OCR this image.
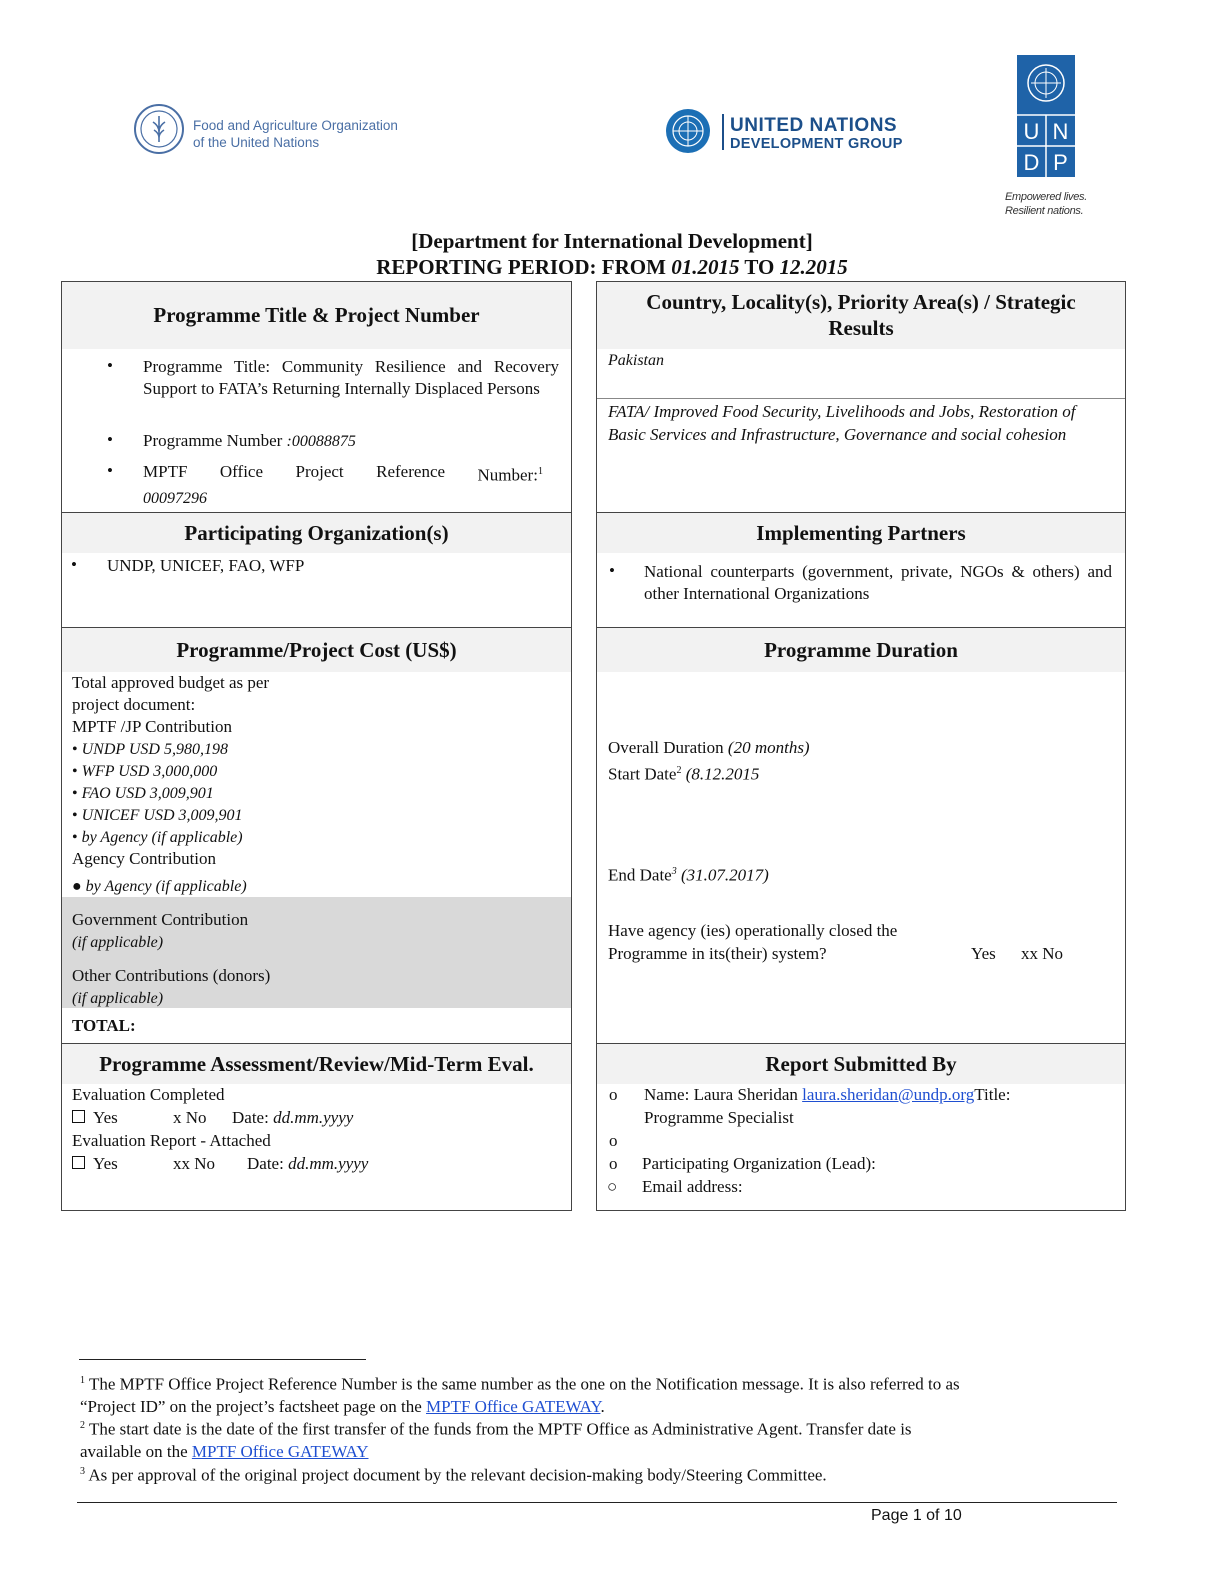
Food and Agriculture Organization
of the United Nations
UNITED NATIONS
DEVELOPMENT GROUP	U N
D P
Empowered lives.
Resilient nations.
[Department for International Development]
REPORTING PERIOD: FROM 01.2015 TO 12.2015
Programme Title & Project Number
• Programme Title: Community Resilience and Recovery Support to FATA’s Returning Internally Displaced Persons
• Programme Number :00088875
• MPTF Office Project Reference Number:$^1$
00097296
Country, Locality(s), Priority Area(s) / Strategic
Results
Pakistan
FATA/ Improved Food Security, Livelihoods and Jobs, Restoration of Basic Services and Infrastructure, Governance and social cohesion
Participating Organization(s)
• UNDP, UNICEF, FAO, WFP
Implementing Partners
• National counterparts (government, private, NGOs & others) and other International Organizations
Programme/Project Cost (US$)
Total approved budget as per
project document:
MPTF /JP Contribution
• UNDP USD 5,980,198
• WFP USD 3,000,000
• FAO USD 3,009,901
• UNICEF USD 3,009,901
• by Agency (if applicable)
Agency Contribution
● by Agency (if applicable)
Government Contribution
(if applicable)
Other Contributions (donors)
(if applicable)
TOTAL:
Programme Duration
Overall Duration (20 months)
Start Date$^2$ (8.12.2015
End Date$^3$ (31.07.2017)
Have agency (ies) operationally closed the
Programme in its(their) system?	Yes xx No
Programme Assessment/Review/Mid-Term Eval.
Evaluation Completed
Yes	x No Date: dd.mm.yyyy
Evaluation Report - Attached
Yes	xx No Date: dd.mm.yyyy
Report Submitted By
o Name: Laura Sheridan laura.sheridan@undp.orgTitle:
Programme Specialist
o
o Participating Organization (Lead):
○ Email address:
$^1$ The MPTF Office Project Reference Number is the same number as the one on the Notification message. It is also referred to as
“Project ID” on the project’s factsheet page on the MPTF Office GATEWAY.
$^2$ The start date is the date of the first transfer of the funds from the MPTF Office as Administrative Agent. Transfer date is
available on the MPTF Office GATEWAY
$^3$ As per approval of the original project document by the relevant decision-making body/Steering Committee.
Page 1 of 10
